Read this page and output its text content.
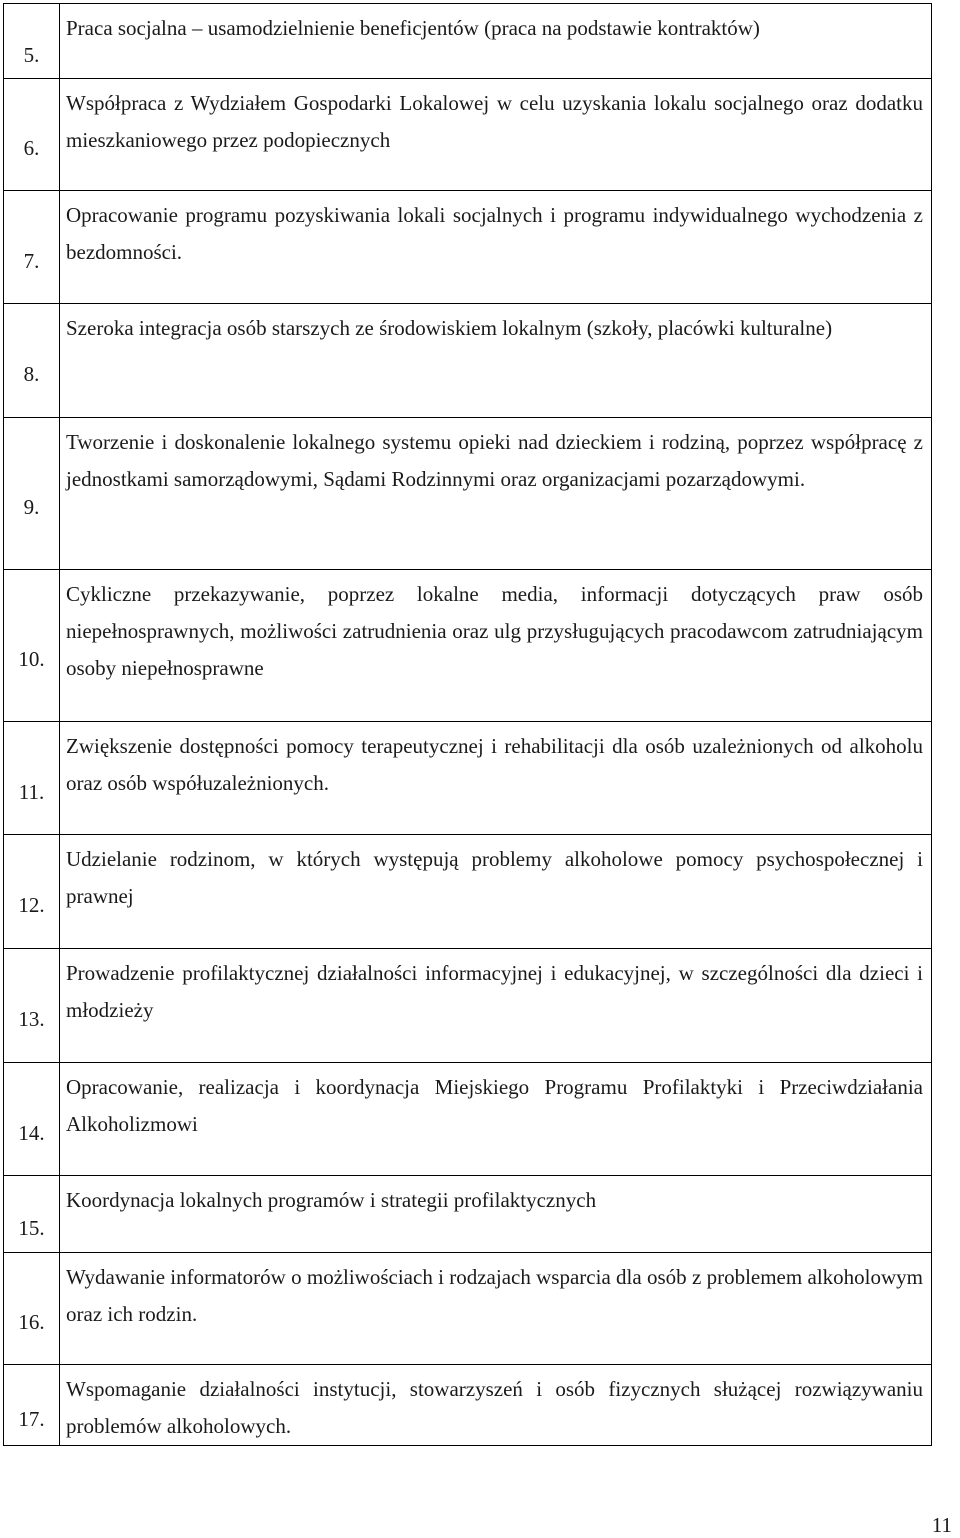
5.	Praca socjalna – usamodzielnienie beneficjentów (praca na podstawie kontraktów)

6.	Współpraca z Wydziałem Gospodarki Lokalowej w celu uzyskania lokalu socjalnego oraz dodatku mieszkaniowego przez podopiecznych

7.	Opracowanie programu pozyskiwania lokali socjalnych i programu indywidualnego wychodzenia z bezdomności.

8.	Szeroka integracja osób starszych ze środowiskiem lokalnym (szkoły, placówki kulturalne)

9.	Tworzenie i doskonalenie lokalnego systemu opieki nad dzieckiem i rodziną, poprzez współpracę z jednostkami samorządowymi, Sądami Rodzinnymi oraz organizacjami pozarządowymi.

10.	Cykliczne przekazywanie, poprzez lokalne media, informacji dotyczących praw osób niepełnosprawnych, możliwości zatrudnienia oraz ulg przysługujących pracodawcom zatrudniającym osoby niepełnosprawne

11.	Zwiększenie dostępności pomocy terapeutycznej i rehabilitacji dla osób uzależnionych od alkoholu oraz osób współuzależnionych.

12.	Udzielanie rodzinom, w których występują problemy alkoholowe pomocy psychospołecznej i prawnej

13.	Prowadzenie profilaktycznej działalności informacyjnej i edukacyjnej, w szczególności dla dzieci i młodzieży

14.	Opracowanie, realizacja i koordynacja Miejskiego Programu Profilaktyki i Przeciwdziałania Alkoholizmowi

15.	Koordynacja lokalnych programów i strategii profilaktycznych

16.	Wydawanie informatorów o możliwościach i rodzajach wsparcia dla osób z problemem alkoholowym oraz ich rodzin.

17.	Wspomaganie działalności instytucji, stowarzyszeń i osób fizycznych służącej rozwiązywaniu problemów alkoholowych.
11
